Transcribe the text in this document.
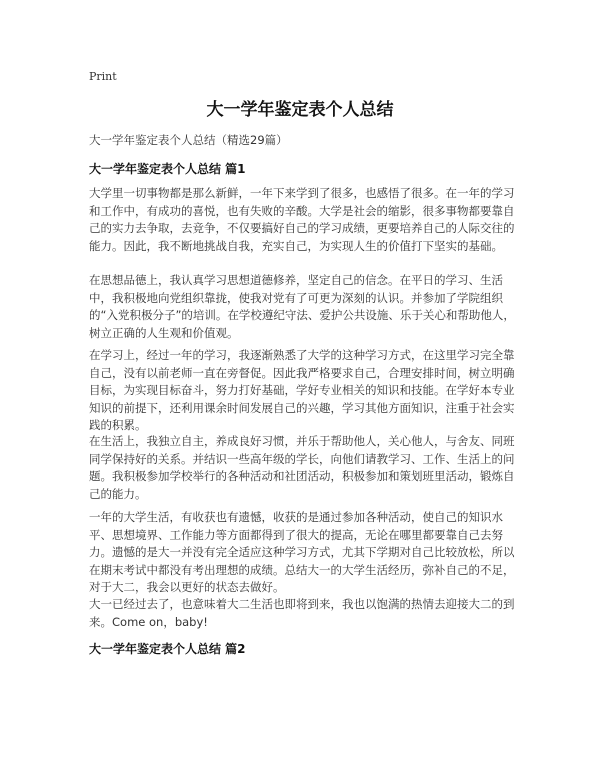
Print
大一学年鉴定表个人总结
大一学年鉴定表个人总结（精选29篇）
大一学年鉴定表个人总结 篇1
大学里一切事物都是那么新鲜，一年下来学到了很多，也感悟了很多。在一年的学习和工作中，有成功的喜悦，也有失败的辛酸。大学是社会的缩影，很多事物都要靠自己的实力去争取，去竞争，不仅要搞好自己的学习成绩，更要培养自己的人际交往的能力。因此，我不断地挑战自我，充实自己，为实现人生的价值打下坚实的基础。
在思想品德上，我认真学习思想道德修养，坚定自己的信念。在平日的学习、生活中，我积极地向党组织靠拢，使我对党有了可更为深刻的认识。并参加了学院组织的“入党积极分子”的培训。在学校遵纪守法、爱护公共设施、乐于关心和帮助他人，树立正确的人生观和价值观。
在学习上，经过一年的学习，我逐渐熟悉了大学的这种学习方式，在这里学习完全靠自己，没有以前老师一直在旁督促。因此我严格要求自己，合理安排时间，树立明确目标，为实现目标奋斗，努力打好基础，学好专业相关的知识和技能。在学好本专业知识的前提下，还利用课余时间发展自己的兴趣，学习其他方面知识，注重于社会实践的积累。
在生活上，我独立自主，养成良好习惯，并乐于帮助他人，关心他人，与舍友、同班同学保持好的关系。并结识一些高年级的学长，向他们请教学习、工作、生活上的问题。我积极参加学校举行的各种活动和社团活动，积极参加和策划班里活动，锻炼自己的能力。
一年的大学生活，有收获也有遗憾，收获的是通过参加各种活动，使自己的知识水平、思想境界、工作能力等方面都得到了很大的提高，无论在哪里都要靠自己去努力。遗憾的是大一并没有完全适应这种学习方式，尤其下学期对自己比较放松，所以在期末考试中都没有考出理想的成绩。总结大一的大学生活经历，弥补自己的不足，对于大二，我会以更好的状态去做好。
大一已经过去了，也意味着大二生活也即将到来，我也以饱满的热情去迎接大二的到来。Come on，baby!
大一学年鉴定表个人总结 篇2
